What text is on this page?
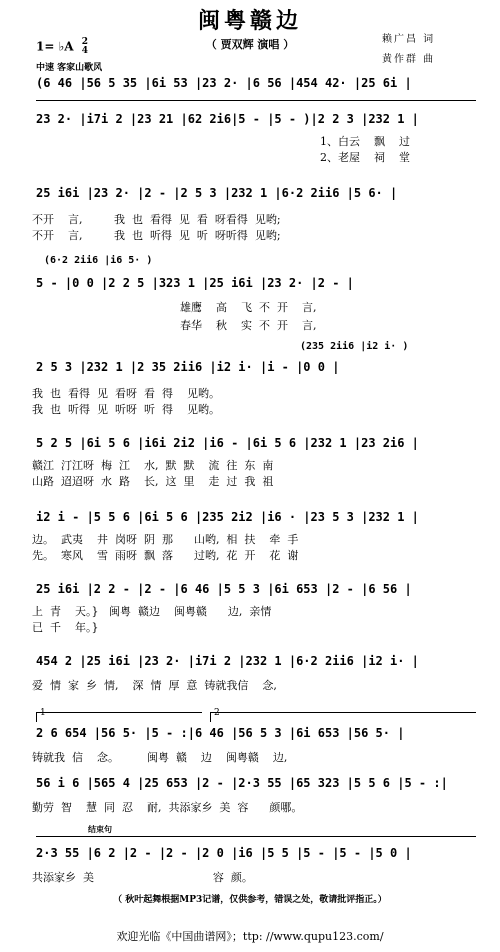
闽粤赣边
（ 贾双辉 演唱 ）
1= ♭A 2
4
中速 客家山歌风
赖广昌 词
黄作群 曲
(6 46 |56 5 35 |6i 53 |23 2· |6 56 |454 42· |25 6i |
23 2· |i7i 2 |23 21 |62 2i6|5 - |5 - )|2 2 3 |232 1 |
1、白云    飘    过
2、老屋    祠    堂
25 i6i |23 2· |2 - |2 5 3 |232 1 |6·2 2ii6 |5 6· |
不开    言,         我  也  看得  见  看  呀看得  见哟;
不开    言,         我  也  听得  见  听  呀听得  见哟;
(6·2 2ii6 |i6 5· )
5 - |0 0 |2 2 5 |323 1 |25 i6i |23 2· |2 - |
雄鹰    高    飞  不  开    言,
春华    秋    实  不  开    言,
(235 2ii6 |i2 i· )
2 5 3 |232 1 |2 35 2ii6 |i2 i· |i - |0 0 |
我  也  看得  见  看呀  看  得    见哟。
我  也  听得  见  听呀  听  得    见哟。
5 2 5 |6i 5 6 |i6i 2i2 |i6 - |6i 5 6 |232 1 |23 2i6 |
赣江  汀江呀  梅  江    水,  默  默    流  往  东  南
山路  迢迢呀  水  路    长,  这  里    走  过  我  祖
i2 i - |5 5 6 |6i 5 6 |235 2i2 |i6 · |23 5 3 |232 1 |
边。  武夷    井  岗呀  阴  那      山哟,  相  扶    牵  手
先。  寒风    雪  雨呀  飘  落      过哟,  花  开    花  谢
25 i6i |2 2 - |2 - |6 46 |5 5 3 |6i 653 |2 - |6 56 |
上  青    天。}   闽粤  赣边    闽粤赣      边,  亲情
已  千    年。}
454 2 |25 i6i |23 2· |i7i 2 |232 1 |6·2 2ii6 |i2 i· |
爱  情  家  乡  情,    深  情  厚  意  铸就我信    念,
1	2
2 6 654 |56 5· |5 - :|6 46 |56 5 3 |6i 653 |56 5· |
铸就我  信    念。        闽粤  赣    边    闽粤赣    边,
56 i 6 |565 4 |25 653 |2 - |2·3 55 |65 323 |5 5 6 |5 - :|
勤劳  智    慧  同  忍    耐,  共添家乡  美  容      颜哪。
结束句
2·3 55 |6 2 |2 - |2 - |2 0 |i6 |5 5 |5 - |5 - |5 0 |
共添家乡  美                                  容  颜。
（ 秋叶起舞根据MP3记谱，仅供参考，错误之处，敬请批评指正。）
欢迎光临《中国曲谱网》；ttp: //www.qupu123.com/
